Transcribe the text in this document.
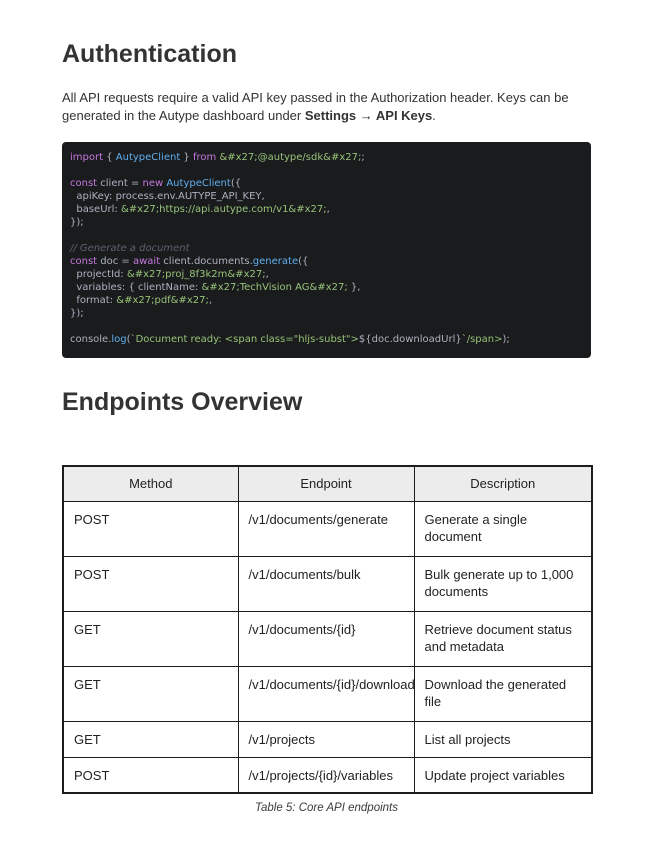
Authentication

All API requests require a valid API key passed in the Authorization header. Keys can be generated in the Autype dashboard under Settings → API Keys.

import { AutypeClient } from &#x27;@autype/sdk&#x27;;

const client = new AutypeClient({
apiKey: process.env.AUTYPE_API_KEY,
baseUrl: &#x27;https://api.autype.com/v1&#x27;,
});

// Generate a document
const doc = await client.documents.generate({
projectId: &#x27;proj_8f3k2m&#x27;,
variables: { clientName: &#x27;TechVision AG&#x27; },
format: &#x27;pdf&#x27;,
});

console.log(`Document ready: <span class="hljs-subst">${doc.downloadUrl}`/span>);
Endpoints Overview
Method	Endpoint	Description
POST	/v1/documents/generate	Generate a single document
POST	/v1/documents/bulk	Bulk generate up to 1,000 documents
GET	/v1/documents/{id}	Retrieve document status and metadata
GET	/v1/documents/{id}/download	Download the generated file
GET	/v1/projects	List all projects
POST	/v1/projects/{id}/variables	Update project variables
Table 5: Core API endpoints
